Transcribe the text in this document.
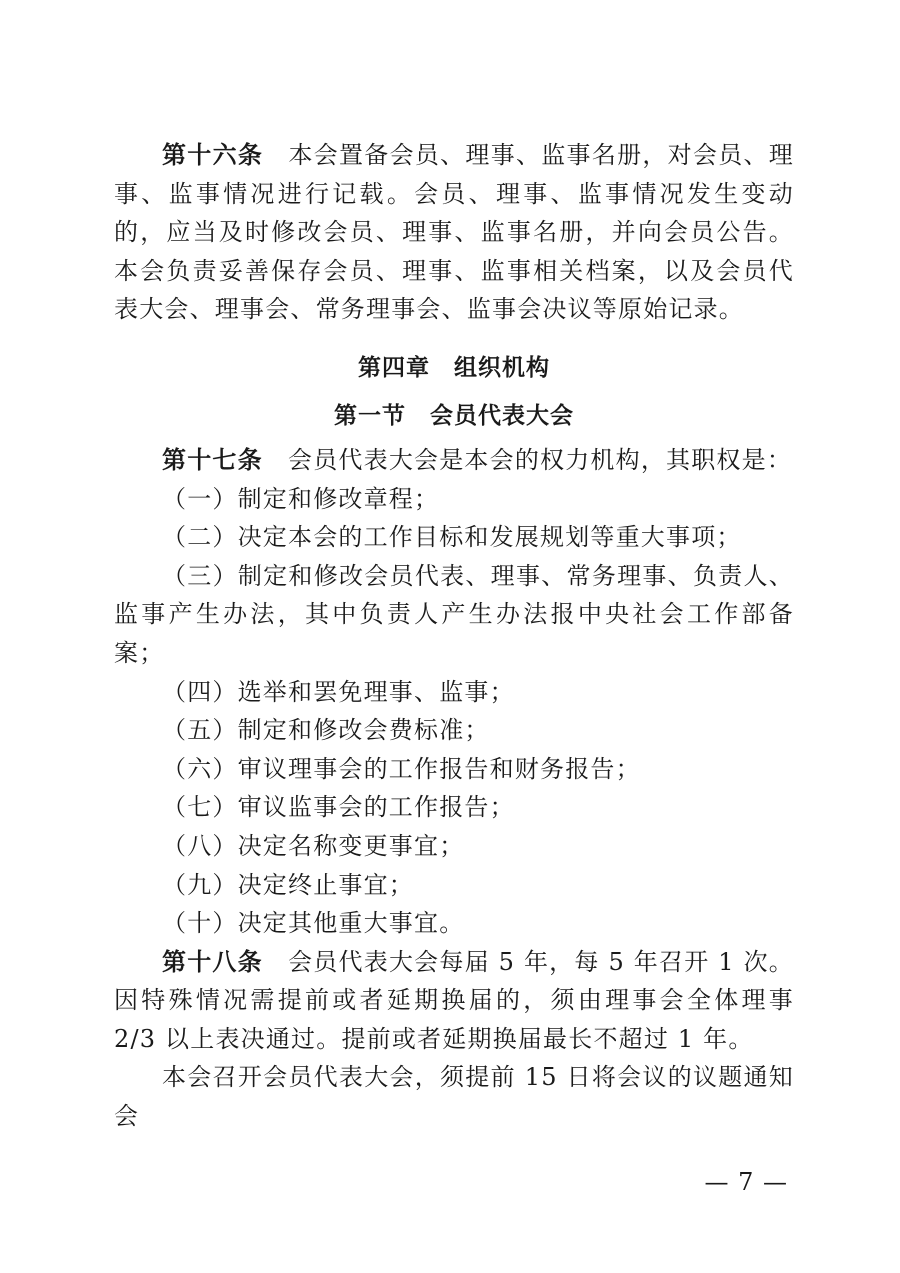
第十六条　 本会置备会员、理事、监事名册，对会员、理事、监事情况进行记载。会员、理事、监事情况发生变动的，应当及时修改会员、理事、监事名册，并向会员公告。本会负责妥善保存会员、理事、监事相关档案，以及会员代表大会、理事会、常务理事会、监事会决议等原始记录。

第四章　组织机构

第一节　会员代表大会

第十七条　 会员代表大会是本会的权力机构，其职权是：

（一）制定和修改章程；

（二）决定本会的工作目标和发展规划等重大事项；

（三）制定和修改会员代表、理事、常务理事、负责人、监事产生办法，其中负责人产生办法报中央社会工作部备案；

（四）选举和罢免理事、监事；

（五）制定和修改会费标准；

（六）审议理事会的工作报告和财务报告；

（七）审议监事会的工作报告；

（八）决定名称变更事宜；

（九）决定终止事宜；

（十）决定其他重大事宜。

第十八条　 会员代表大会每届 5 年，每 5 年召开 1 次。因特殊情况需提前或者延期换届的，须由理事会全体理事 2/3 以上表决通过。提前或者延期换届最长不超过 1 年。

本会召开会员代表大会，须提前 15 日将会议的议题通知会

— 7 —
